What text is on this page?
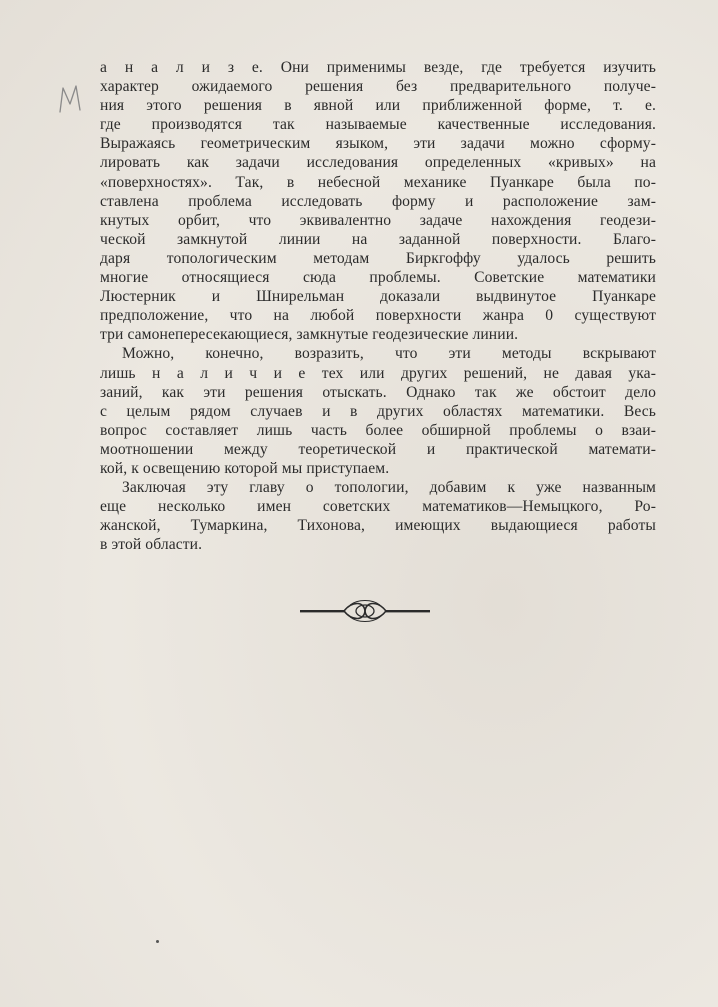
а н а л и з е. Они применимы везде, где требуется изучить
характер ожидаемого решения без предварительного получе-
ния этого решения в явной или приближенной форме, т. е.
где производятся так называемые качественные исследования.
Выражаясь геометрическим языком, эти задачи можно сформу-
лировать как задачи исследования определенных «кривых» на
«поверхностях». Так, в небесной механике Пуанкаре была по-
ставлена проблема исследовать форму и расположение зам-
кнутых орбит, что эквивалентно задаче нахождения геодези-
ческой замкнутой линии на заданной поверхности. Благо-
даря топологическим методам Биркгоффу удалось решить
многие относящиеся сюда проблемы. Советские математики
Люстерник и Шнирельман доказали выдвинутое Пуанкаре
предположение, что на любой поверхности жанра 0 существуют
три самонепересекающиеся, замкнутые геодезические линии.
Можно, конечно, возразить, что эти методы вскрывают
лишь н а л и ч и е тех или других решений, не давая ука-
заний, как эти решения отыскать. Однако так же обстоит дело
с целым рядом случаев и в других областях математики. Весь
вопрос составляет лишь часть более обширной проблемы о взаи-
моотношении между теоретической и практической математи-
кой, к освещению которой мы приступаем.
Заключая эту главу о топологии, добавим к уже названным
еще несколько имен советских математиков—Немыцкого, Ро-
жанской, Тумаркина, Тихонова, имеющих выдающиеся работы
в этой области.
